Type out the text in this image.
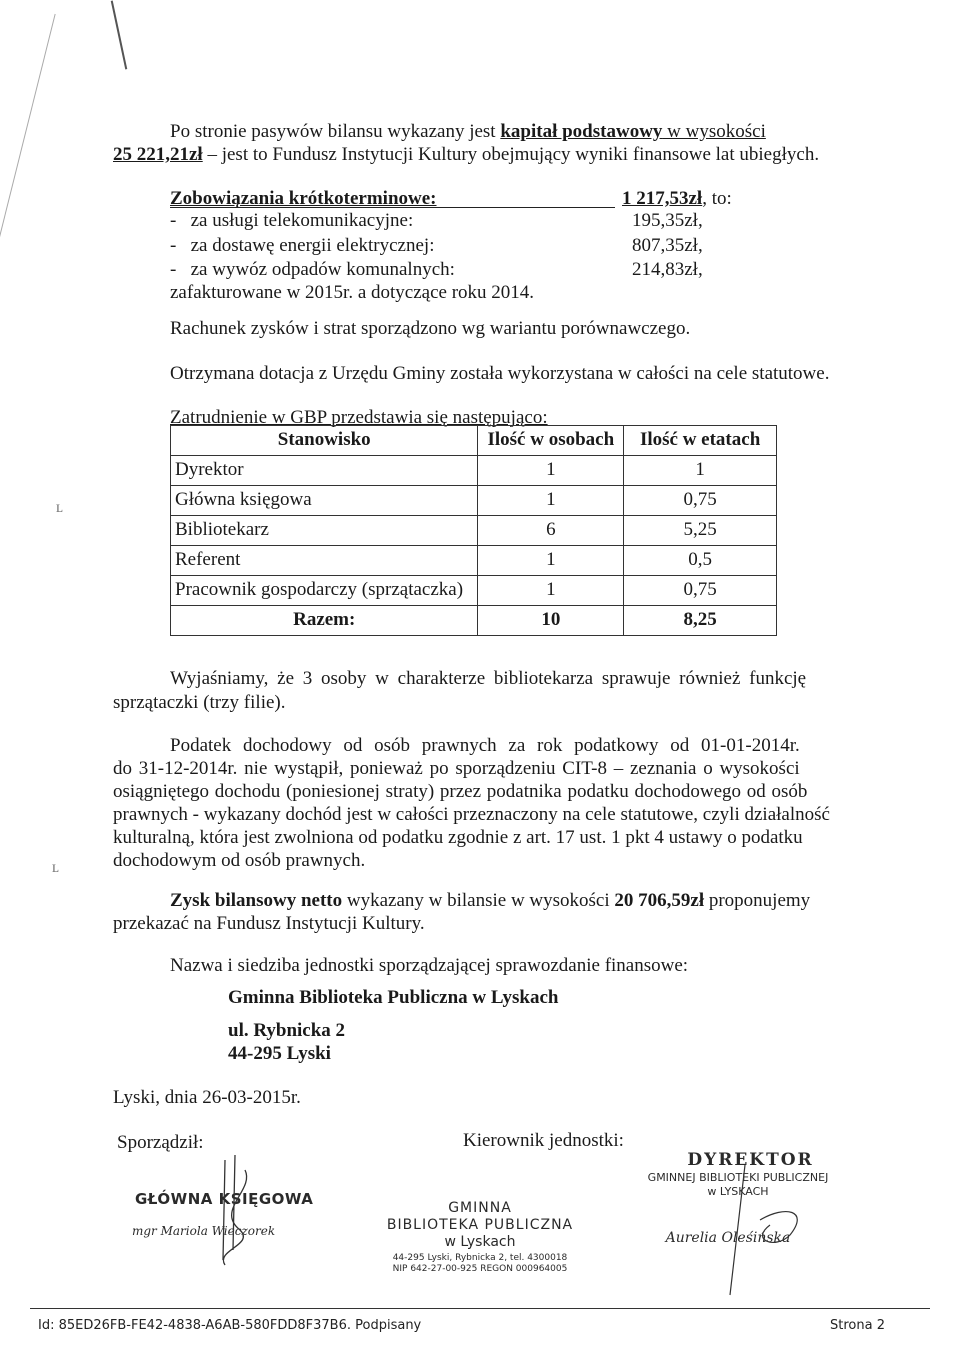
Po stronie pasywów bilansu wykazany jest kapitał podstawowy w wysokości
25 221,21zł – jest to Fundusz Instytucji Kultury obejmujący wyniki finansowe lat ubiegłych.
Zobowiązania krótkoterminowe:	1 217,53zł, to:
-   za usługi telekomunikacyjne:	195,35zł,
-   za dostawę energii elektrycznej:	807,35zł,
-   za wywóz odpadów komunalnych:	214,83zł,
zafakturowane w 2015r. a dotyczące roku 2014.
Rachunek zysków i strat sporządzono wg wariantu porównawczego.
Otrzymana dotacja z Urzędu Gminy została wykorzystana w całości na cele statutowe.
Zatrudnienie w GBP przedstawia się następująco:
Stanowisko	Ilość w osobach	Ilość w etatach
Dyrektor	1	1
Główna księgowa	1	0,75
Bibliotekarz	6	5,25
Referent	1	0,5
Pracownik gospodarczy (sprzątaczka)	1	0,75
Razem:	10	8,25
ʟ
ʟ
Wyjaśniamy, że 3 osoby w charakterze bibliotekarza sprawuje również funkcję
sprzątaczki (trzy filie).
Podatek dochodowy od osób prawnych za rok podatkowy od 01-01-2014r.
do 31-12-2014r. nie wystąpił, ponieważ po sporządzeniu CIT-8 – zeznania o wysokości
osiągniętego dochodu (poniesionej straty) przez podatnika podatku dochodowego od osób
prawnych - wykazany dochód jest w całości przeznaczony na cele statutowe, czyli działalność
kulturalną, która jest zwolniona od podatku zgodnie z art. 17 ust. 1 pkt 4 ustawy o podatku
dochodowym od osób prawnych.
Zysk bilansowy netto wykazany w bilansie w wysokości 20 706,59zł proponujemy
przekazać na Fundusz Instytucji Kultury.
Nazwa i siedziba jednostki sporządzającej sprawozdanie finansowe:
Gminna Biblioteka Publiczna w Lyskach
ul. Rybnicka 2
44-295 Lyski
Lyski, dnia 26-03-2015r.
Sporządził:	Kierownik jednostki:
GŁÓWNA KSIĘGOWA
mgr Mariola Wieczorek
GMINNA
BIBLIOTEKA PUBLICZNA
w Lyskach
44-295 Lyski, Rybnicka 2, tel. 4300018
NIP 642-27-00-925 REGON 000964005
DYREKTOR
GMINNEJ BIBLIOTEKI PUBLICZNEJ
w LYSKACH
Aurelia Oleśińska
Id: 85ED26FB-FE42-4838-A6AB-580FDD8F37B6. Podpisany	Strona 2
